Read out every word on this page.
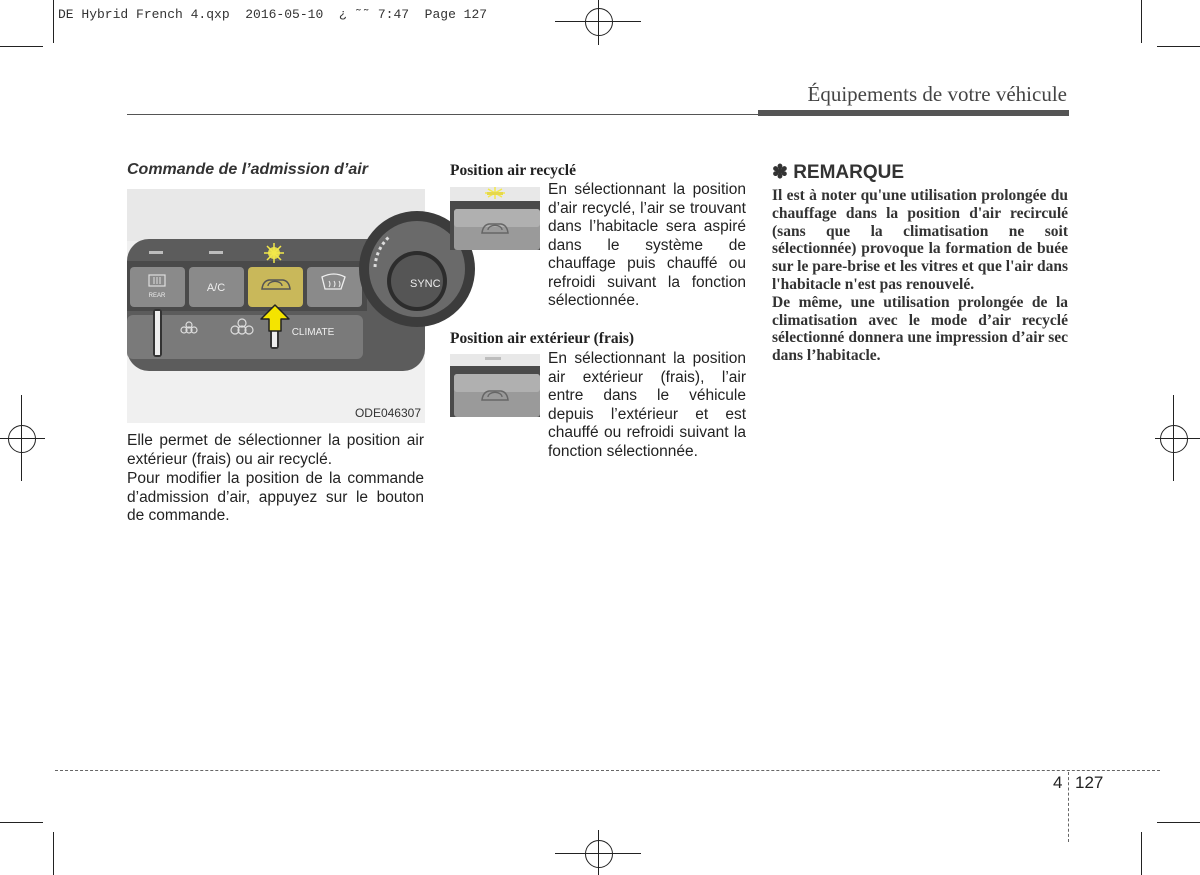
DE Hybrid French 4.qxp  2016-05-10  ¿ ˜˜ 7:47  Page 127
Équipements de votre véhicule
Commande de l’admission d’air
REAR
A/C
CLIMATE
SYNC
ODE046307
Elle permet de sélectionner la position air extérieur (frais) ou air recyclé.
Pour modifier la position de la commande d’admission d’air, appuyez sur le bouton de commande.
Position air recyclé
En sélectionnant la position d’air recyclé, l’air se trouvant dans l’habitacle sera aspiré dans le système de chauffage puis chauffé ou refroidi suivant la fonction sélectionnée.
Position air extérieur (frais)
En sélectionnant la position air extérieur (frais), l’air entre dans le véhicule depuis l’extérieur et est chauffé ou refroidi suivant la fonction sélectionnée.
✽ REMARQUE

Il est à noter qu'une utilisation prolongée du chauffage dans la position d'air recirculé (sans que la climatisation ne soit sélectionnée) provoque la formation de buée sur le pare-brise et les vitres et que l'air dans l'habitacle n'est pas renouvelé.

De même, une utilisation prolongée de la climatisation avec le mode d’air recyclé sélectionné donnera une impression d’air sec dans l’habitacle.

4 127
